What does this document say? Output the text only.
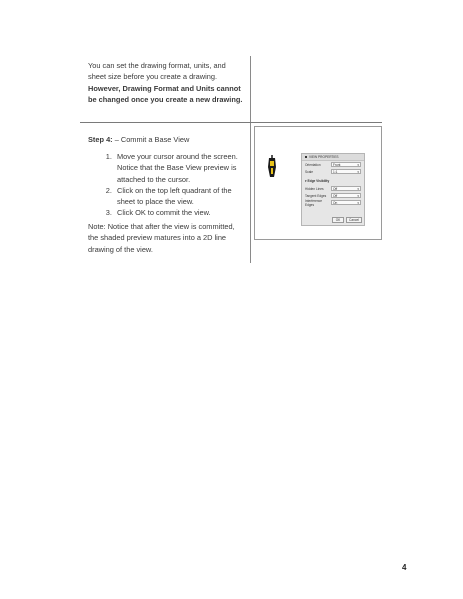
You can set the drawing format, units, and
sheet size before you create a drawing.
However, Drawing Format and Units cannot
be changed once you create a new drawing.
Step 4: – Commit a Base View
1. Move your cursor around the screen.
Notice that the Base View preview is
attached to the cursor.
2. Click on the top left quadrant of the
sheet to place the view.
3. Click OK to commit the view.
Note: Notice that after the view is committed,
the shaded preview matures into a 2D line
drawing of the view.
VIEW PROPERTIES
Orientation	Front	▾
Scale	1:1	▾
▾
Edge Visibility
Hidden Lines	Off	▾
Tangent Edges	Off	▾
Interference Edges	On	▾
OK	Cancel
4
